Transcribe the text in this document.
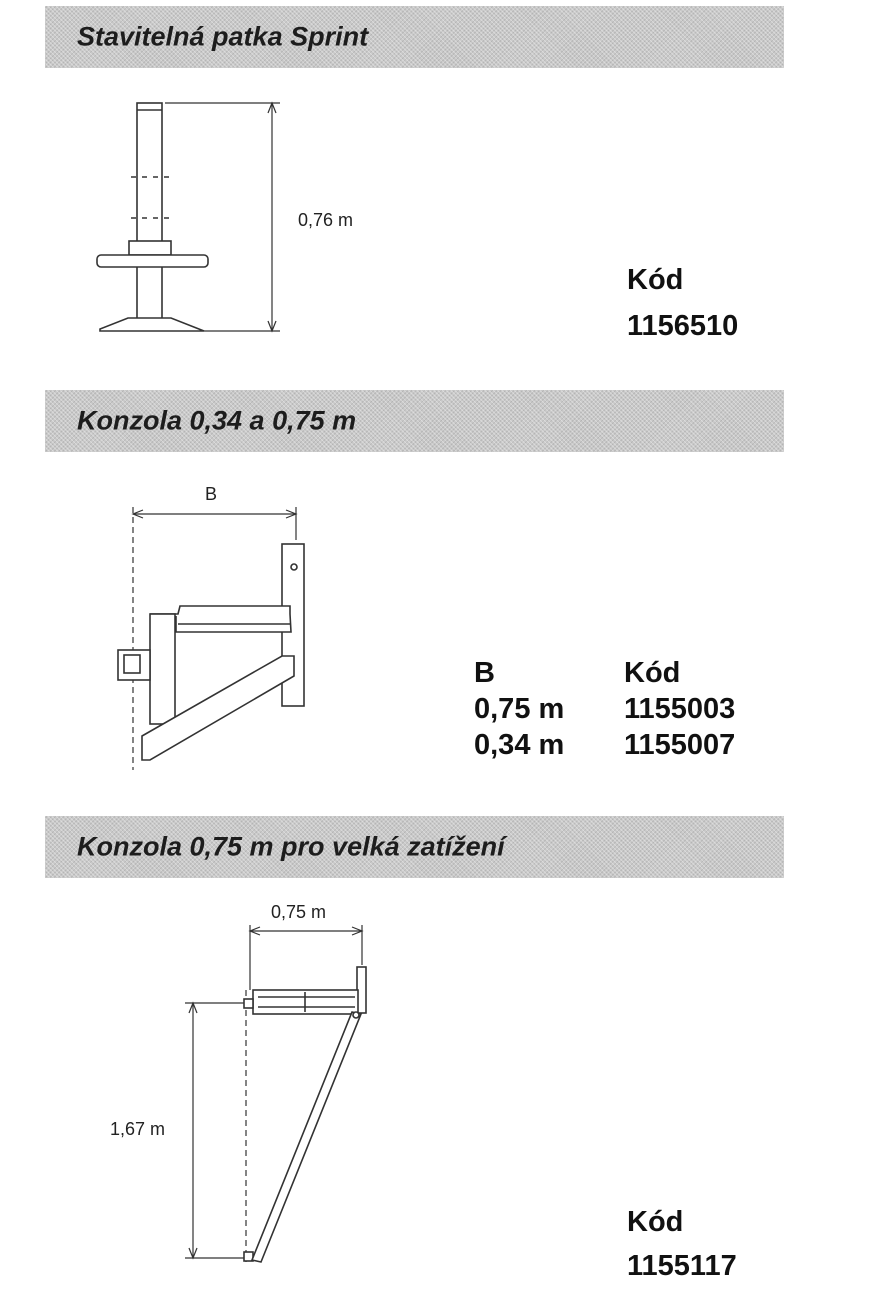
Stavitelná patka Sprint
0,76 m
Kód
1156510
Konzola 0,34 a 0,75 m
B
B	Kód
0,75 m	1155003
0,34 m	1155007
Konzola 0,75 m pro velká zatížení
0,75 m
1,67 m
Kód
1155117
